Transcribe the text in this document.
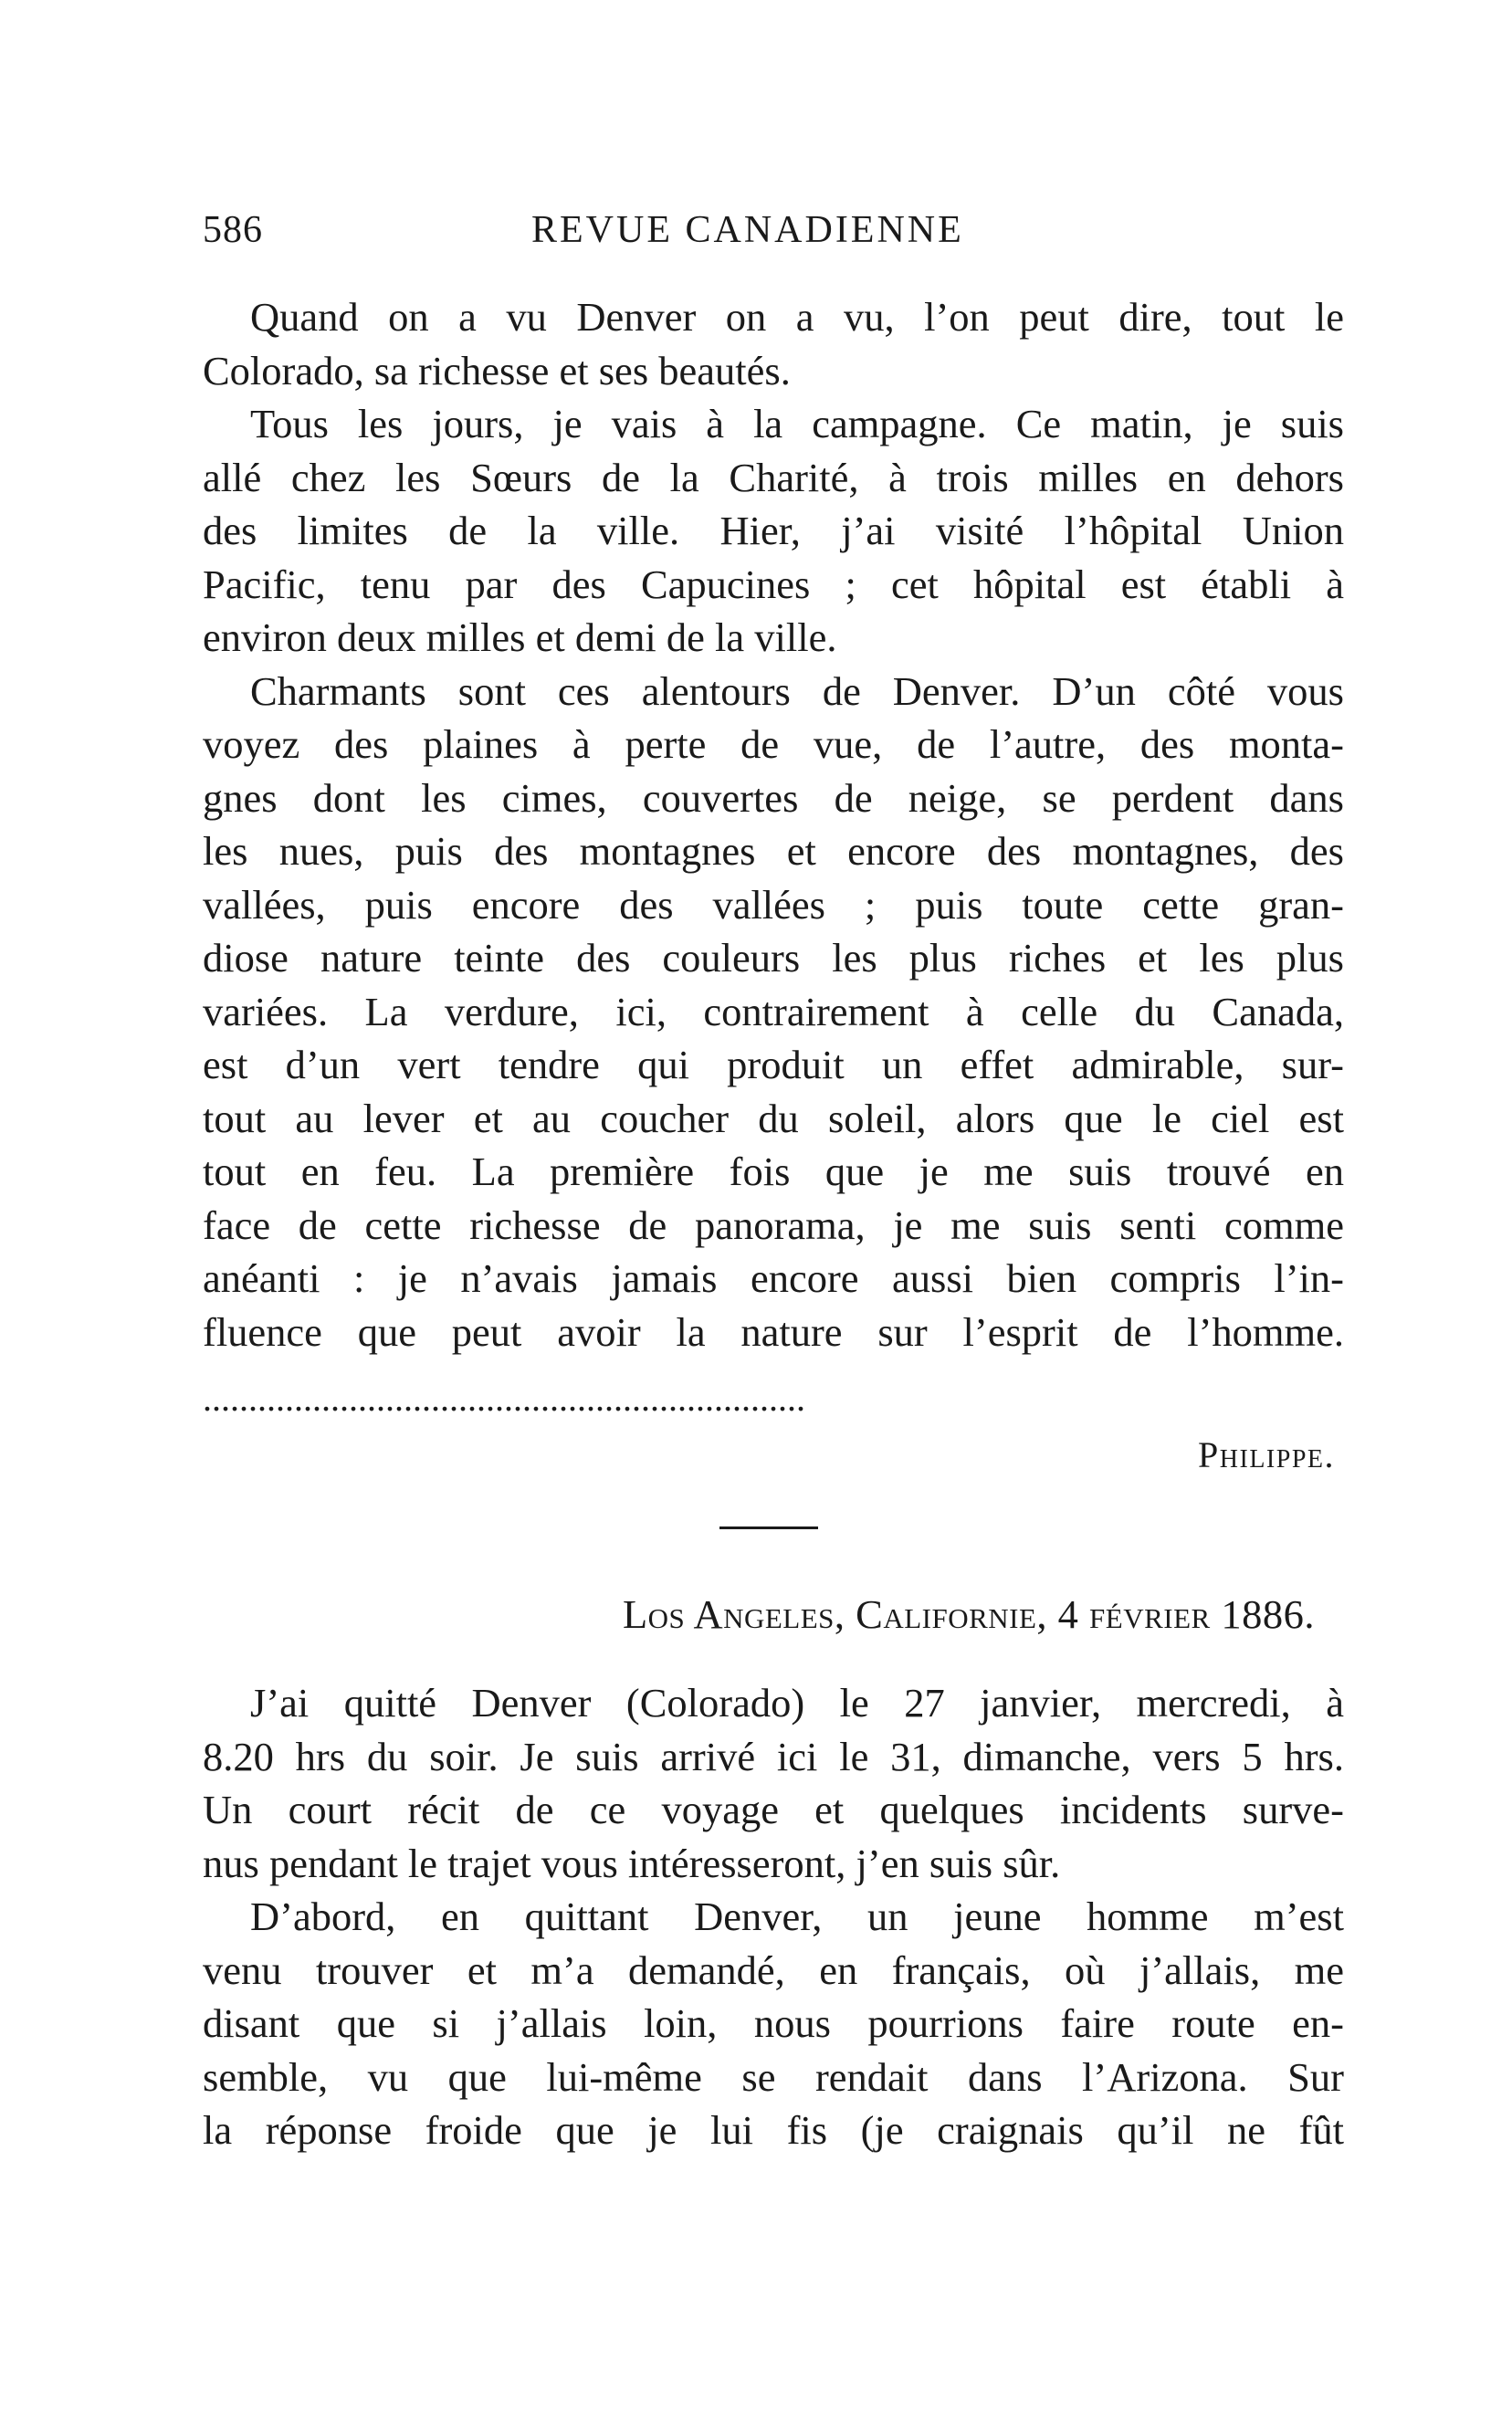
586	REVUE CANADIENNE
Quand on a vu Denver on a vu, l’on peut dire, tout le
Colorado, sa richesse et ses beautés.
Tous les jours, je vais à la campagne. Ce matin, je suis
allé chez les Sœurs de la Charité, à trois milles en dehors
des limites de la ville. Hier, j’ai visité l’hôpital Union
Pacific, tenu par des Capucines ; cet hôpital est établi à
environ deux milles et demi de la ville.
Charmants sont ces alentours de Denver. D’un côté vous
voyez des plaines à perte de vue, de l’autre, des monta-
gnes dont les cimes, couvertes de neige, se perdent dans
les nues, puis des montagnes et encore des montagnes, des
vallées, puis encore des vallées ; puis toute cette gran-
diose nature teinte des couleurs les plus riches et les plus
variées. La verdure, ici, contrairement à celle du Canada,
est d’un vert tendre qui produit un effet admirable, sur-
tout au lever et au coucher du soleil, alors que le ciel est
tout en feu. La première fois que je me suis trouvé en
face de cette richesse de panorama, je me suis senti comme
anéanti : je n’avais jamais encore aussi bien compris l’in-
fluence que peut avoir la nature sur l’esprit de l’homme.
..................................................................
Philippe.
Los Angeles, Californie, 4 février 1886.
J’ai quitté Denver (Colorado) le 27 janvier, mercredi, à
8.20 hrs du soir. Je suis arrivé ici le 31, dimanche, vers 5 hrs.
Un court récit de ce voyage et quelques incidents surve-
nus pendant le trajet vous intéresseront, j’en suis sûr.
D’abord, en quittant Denver, un jeune homme m’est
venu trouver et m’a demandé, en français, où j’allais, me
disant que si j’allais loin, nous pourrions faire route en-
semble, vu que lui-même se rendait dans l’Arizona. Sur
la réponse froide que je lui fis (je craignais qu’il ne fût
